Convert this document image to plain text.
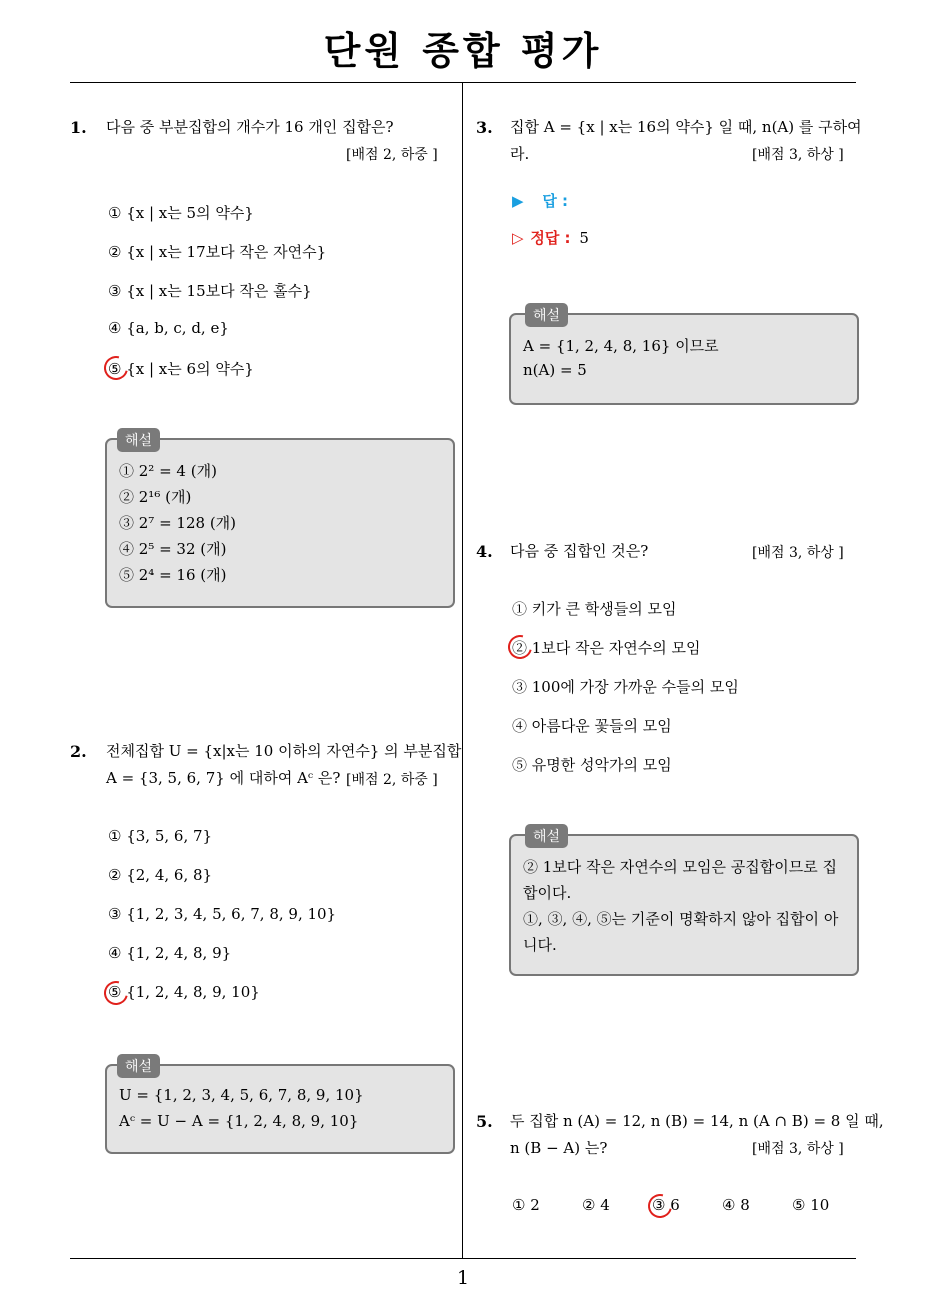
단원 종합 평가
1
1. 다음 중 부분집합의 개수가 16 개인 집합은?
[배점 2, 하중 ]
① {x | x는 5의 약수}
② {x | x는 17보다 작은 자연수}
③ {x | x는 15보다 작은 홀수}
④ {a, b, c, d, e}
⑤ {x | x는 6의 약수}
해설
① 2² = 4 (개)
② 2¹⁶ (개)
③ 2⁷ = 128 (개)
④ 2⁵ = 32 (개)
⑤ 2⁴ = 16 (개)
2. 전체집합 U = {x|x는 10 이하의 자연수} 의 부분집합
A = {3, 5, 6, 7} 에 대하여 Aᶜ 은? [배점 2, 하중 ]
① {3, 5, 6, 7}
② {2, 4, 6, 8}
③ {1, 2, 3, 4, 5, 6, 7, 8, 9, 10}
④ {1, 2, 4, 8, 9}
⑤ {1, 2, 4, 8, 9, 10}
해설
U = {1, 2, 3, 4, 5, 6, 7, 8, 9, 10}
Aᶜ = U − A = {1, 2, 4, 8, 9, 10}
3. 집합 A = {x | x는 16의 약수} 일 때, n(A) 를 구하여
라.	[배점 3, 하상 ]
▶ 답 :
▷ 정답 : 5
해설
A = {1, 2, 4, 8, 16} 이므로
n(A) = 5
4. 다음 중 집합인 것은?	[배점 3, 하상 ]
① 키가 큰 학생들의 모임
② 1보다 작은 자연수의 모임
③ 100에 가장 가까운 수들의 모임
④ 아름다운 꽃들의 모임
⑤ 유명한 성악가의 모임
해설
② 1보다 작은 자연수의 모임은 공집합이므로 집
합이다.
①, ③, ④, ⑤는 기준이 명확하지 않아 집합이 아
니다.
5. 두 집합 n (A) = 12, n (B) = 14, n (A ∩ B) = 8 일 때,
n (B − A) 는?	[배점 3, 하상 ]
① 2	② 4	③ 6	④ 8	⑤ 10
